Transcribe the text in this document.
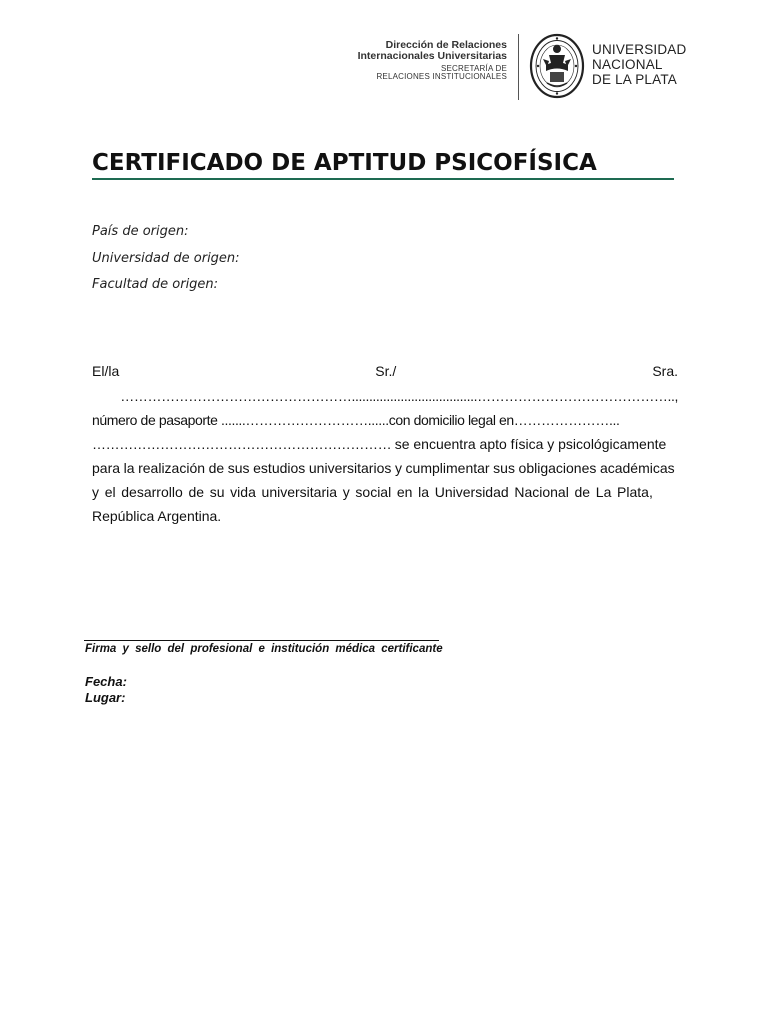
Dirección de Relaciones
Internacionales Universitarias
SECRETARÍA DE
RELACIONES INSTITUCIONALES
UNIVERSIDAD
NACIONAL
DE LA PLATA
CERTIFICADO DE APTITUD PSICOFÍSICA
País de origen:
Universidad de origen:
Facultad de origen:
El/la	Sr./	Sra.
……………………………………………....................................……………………………………..,
número de pasaporte .......………………………......con domicilio legal en…………………...
………………………………………………………… se encuentra apto física y psicológicamente
para la realización de sus estudios universitarios y cumplimentar sus obligaciones académicas
y el desarrollo de su vida universitaria y social en la Universidad Nacional de La Plata,
República Argentina.
Firma y sello del profesional e institución médica certificante
Fecha:
Lugar:
